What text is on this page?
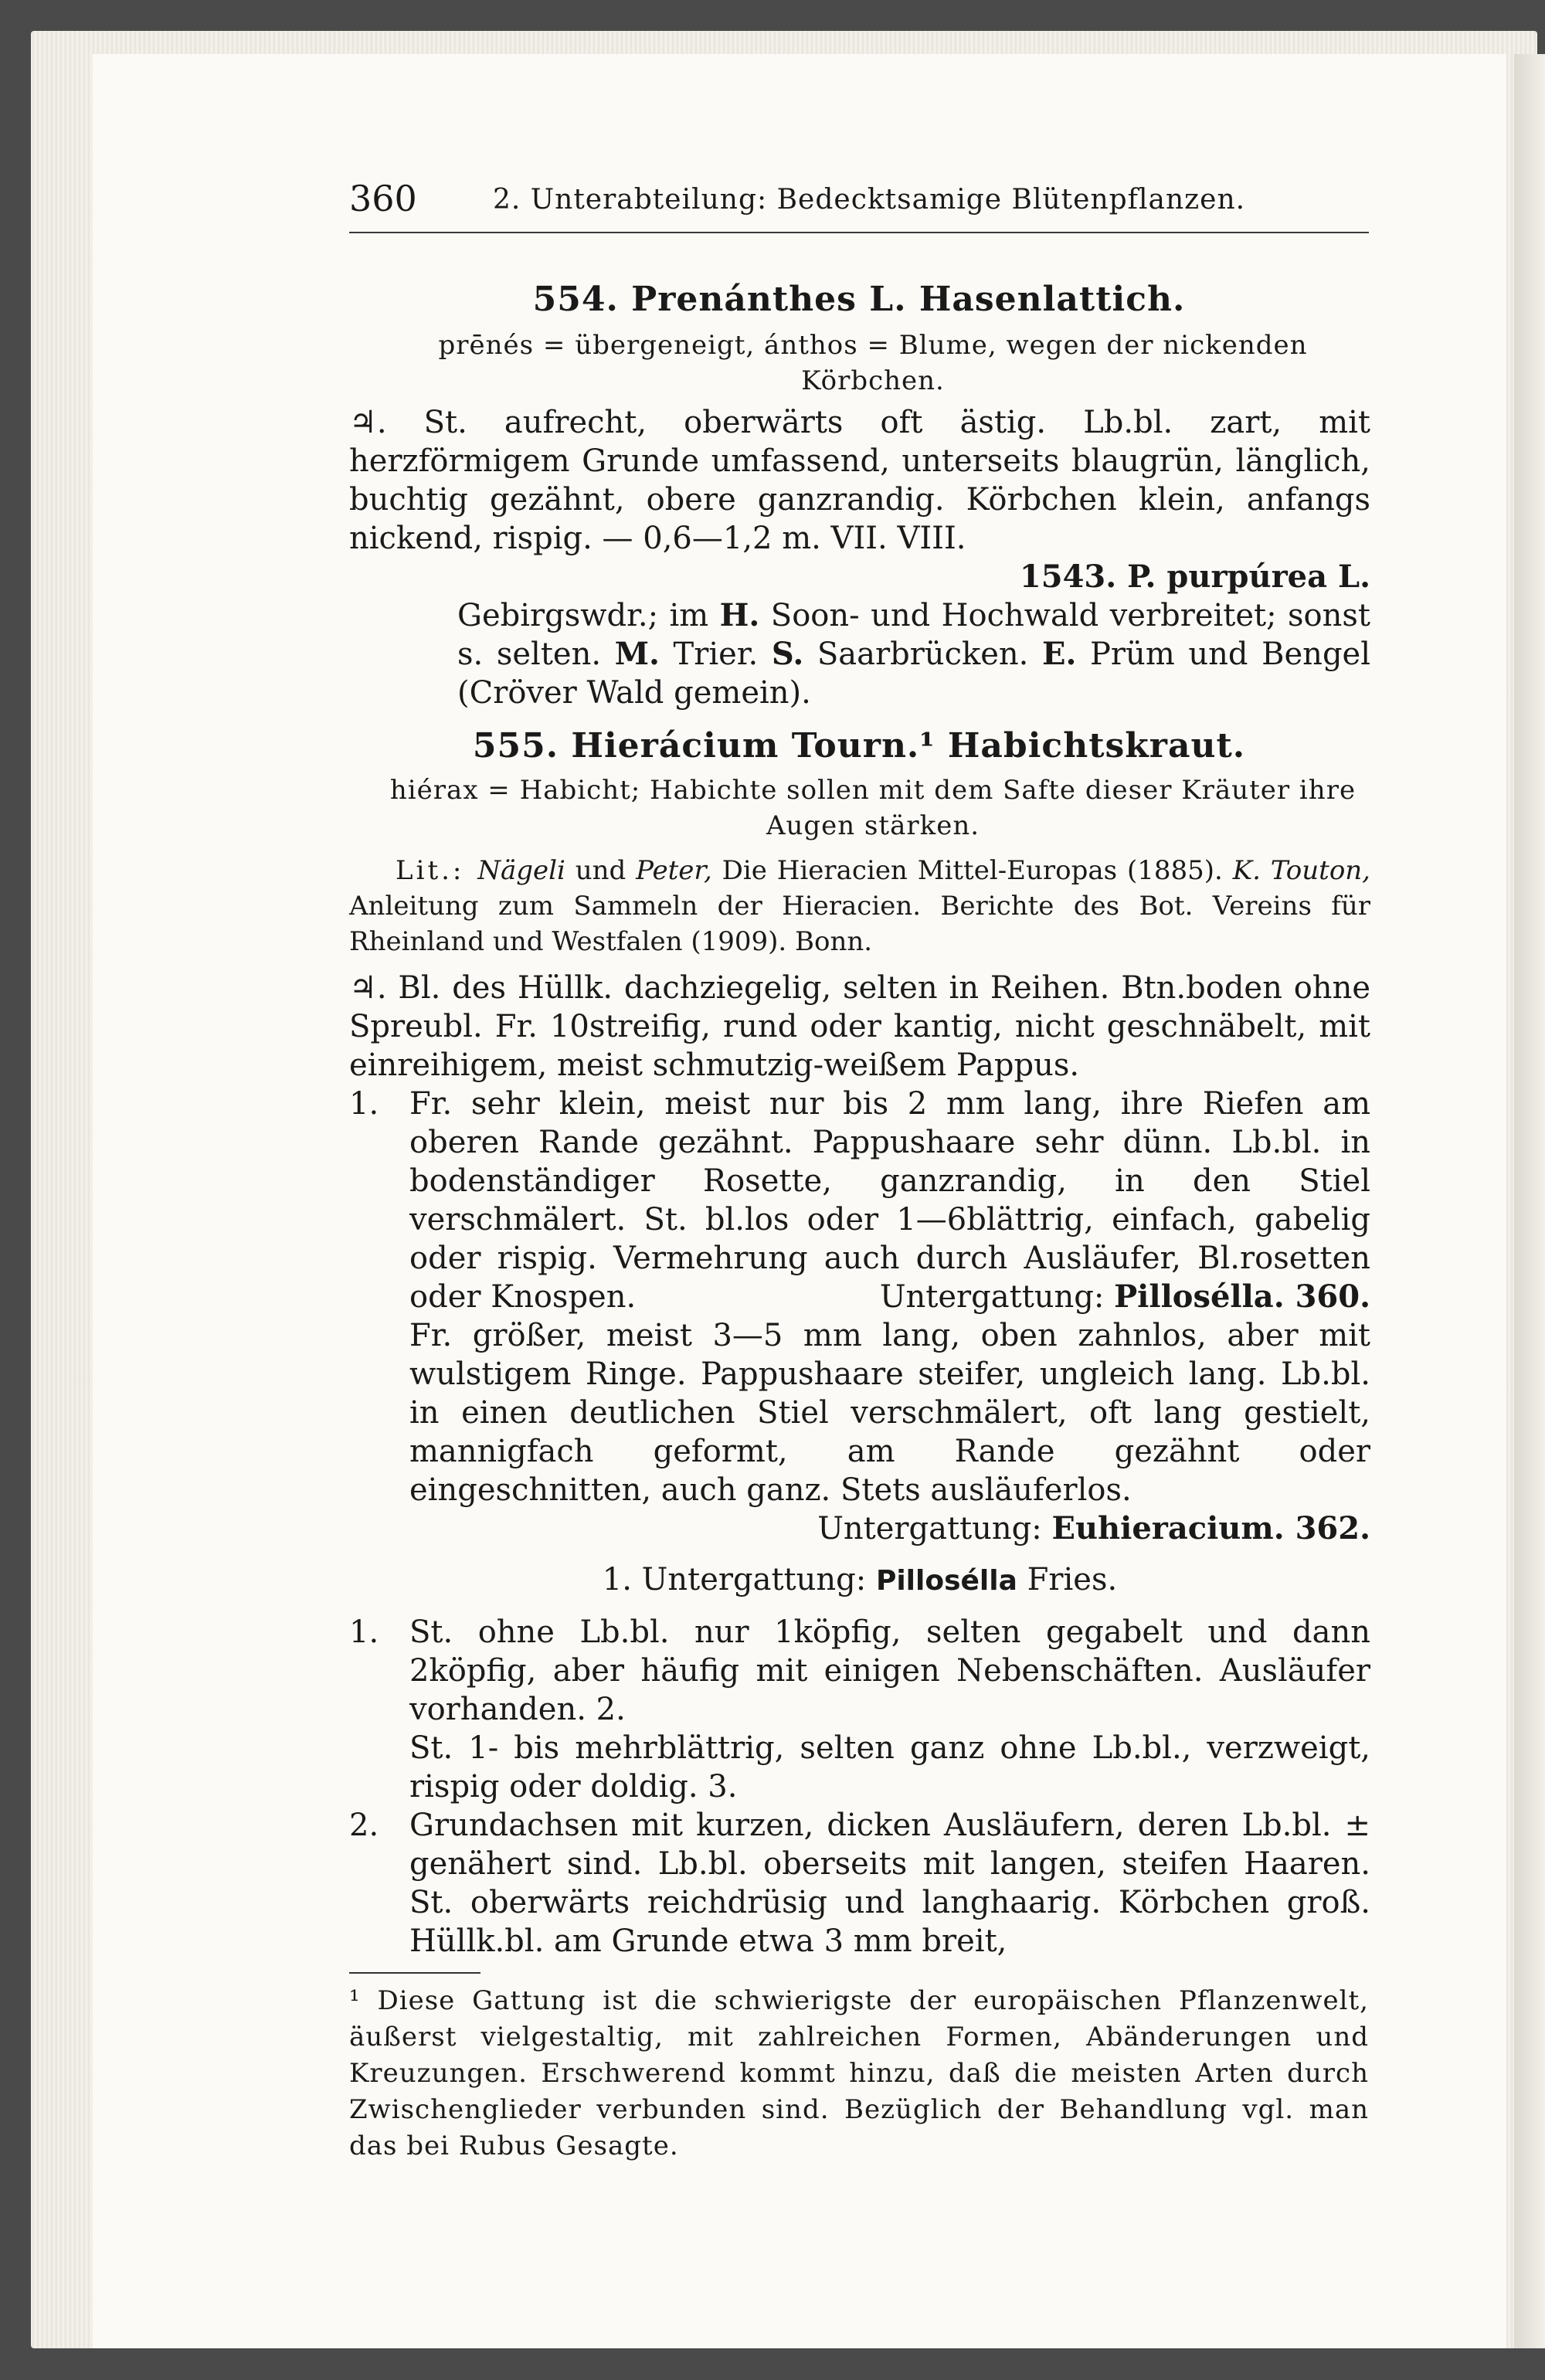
360	2. Unterabteilung: Bedecktsamige Blütenpflanzen.
554. Prenánthes L. Hasenlattich.
prēnés = übergeneigt, ánthos = Blume, wegen der nickenden Körbchen.
♃. St. aufrecht, oberwärts oft ästig. Lb.bl. zart, mit herzförmigem Grunde umfassend, unterseits blaugrün, länglich, buchtig gezähnt, obere ganzrandig. Körbchen klein, anfangs nickend, rispig. — 0,6—1,2 m. VII. VIII.
1543. P. purpúrea L.
Gebirgswdr.; im H. Soon- und Hochwald verbreitet; sonst s. selten. M. Trier. S. Saarbrücken. E. Prüm und Bengel (Cröver Wald gemein).
555. Hierácium Tourn.¹ Habichtskraut.
hiérax = Habicht; Habichte sollen mit dem Safte dieser Kräuter ihre Augen stärken.
Lit.: Nägeli und Peter, Die Hieracien Mittel-Europas (1885). K. Touton, Anleitung zum Sammeln der Hieracien. Berichte des Bot. Vereins für Rheinland und Westfalen (1909). Bonn.
♃. Bl. des Hüllk. dachziegelig, selten in Reihen. Btn.boden ohne Spreubl. Fr. 10streifig, rund oder kantig, nicht geschnäbelt, mit einreihigem, meist schmutzig-weißem Pappus.
1. Fr. sehr klein, meist nur bis 2 mm lang, ihre Riefen am oberen Rande gezähnt. Pappushaare sehr dünn. Lb.bl. in bodenständiger Rosette, ganzrandig, in den Stiel verschmälert. St. bl.los oder 1—6blättrig, einfach, gabelig oder rispig. Vermehrung auch durch Ausläufer, Bl.rosetten oder Knospen.	Untergattung: Pillosélla. 360.
Fr. größer, meist 3—5 mm lang, oben zahnlos, aber mit wulstigem Ringe. Pappushaare steifer, ungleich lang. Lb.bl. in einen deutlichen Stiel verschmälert, oft lang gestielt, mannigfach geformt, am Rande gezähnt oder eingeschnitten, auch ganz. Stets ausläuferlos.
Untergattung: Euhieracium. 362.
1. Untergattung: Pillosélla Fries.
1. St. ohne Lb.bl. nur 1köpfig, selten gegabelt und dann 2köpfig, aber häufig mit einigen Nebenschäften. Ausläufer vorhanden. 2.
St. 1- bis mehrblättrig, selten ganz ohne Lb.bl., verzweigt, rispig oder doldig. 3.
2. Grundachsen mit kurzen, dicken Ausläufern, deren Lb.bl. ± genähert sind. Lb.bl. oberseits mit langen, steifen Haaren. St. oberwärts reichdrüsig und langhaarig. Körbchen groß. Hüllk.bl. am Grunde etwa 3 mm breit,
¹ Diese Gattung ist die schwierigste der europäischen Pflanzenwelt, äußerst vielgestaltig, mit zahlreichen Formen, Abänderungen und Kreuzungen. Erschwerend kommt hinzu, daß die meisten Arten durch Zwischenglieder verbunden sind. Bezüglich der Behandlung vgl. man das bei Rubus Gesagte.
